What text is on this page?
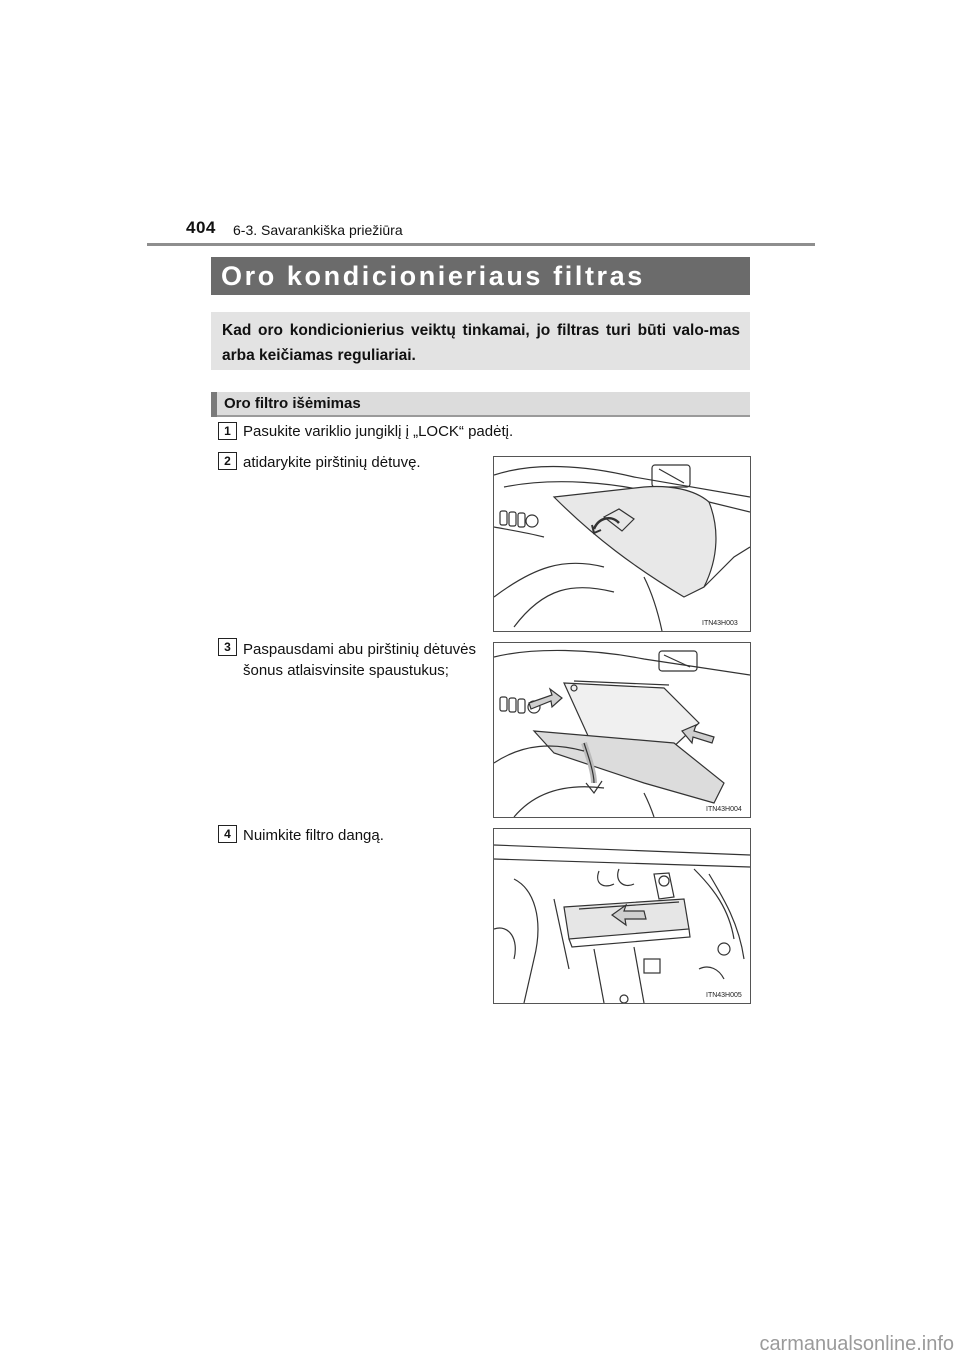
404 6-3. Savarankiška priežiūra
Oro kondicionieriaus filtras
Kad oro kondicionierius veiktų tinkamai, jo filtras turi būti valo-mas arba keičiamas reguliariai.
Oro filtro išėmimas
1 Pasukite variklio jungiklį į „LOCK“ padėtį.
2 atidarykite pirštinių dėtuvę.
ITN43H003
3 Paspausdami abu pirštinių dėtuvės šonus atlaisvinsite spaustukus;
ITN43H004
4 Nuimkite filtro dangą.
ITN43H005
carmanualsonline.info
